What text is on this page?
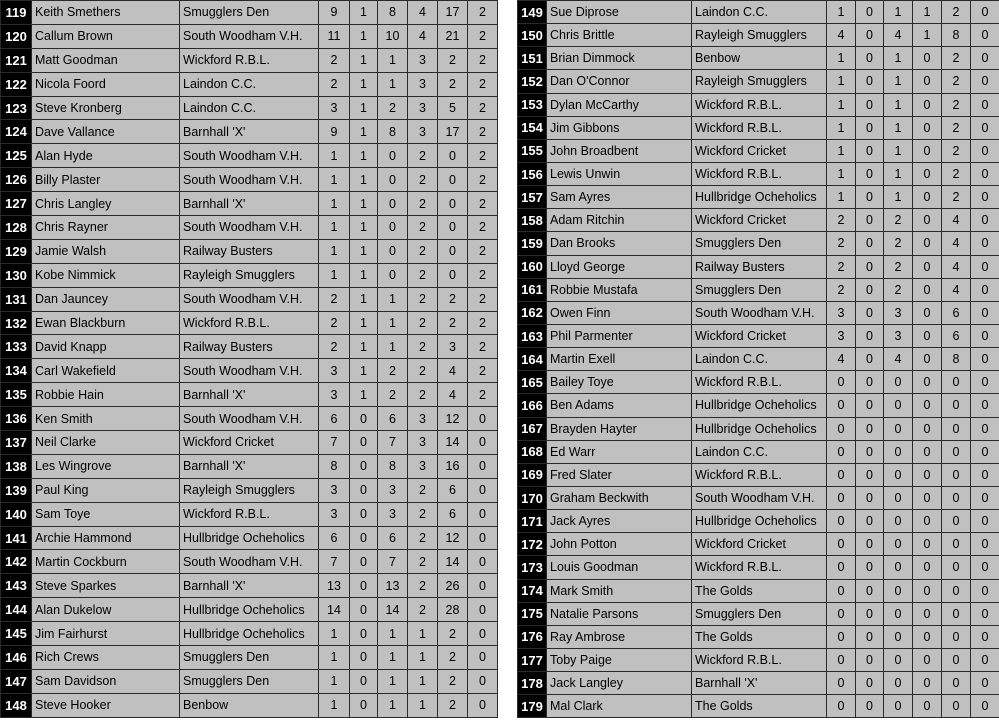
119	Keith Smethers	Smugglers Den	9	1	8	4	17	2
120	Callum Brown	South Woodham V.H.	11	1	10	4	21	2
121	Matt Goodman	Wickford R.B.L.	2	1	1	3	2	2
122	Nicola Foord	Laindon C.C.	2	1	1	3	2	2
123	Steve Kronberg	Laindon C.C.	3	1	2	3	5	2
124	Dave Vallance	Barnhall 'X'	9	1	8	3	17	2
125	Alan Hyde	South Woodham V.H.	1	1	0	2	0	2
126	Billy Plaster	South Woodham V.H.	1	1	0	2	0	2
127	Chris Langley	Barnhall 'X'	1	1	0	2	0	2
128	Chris Rayner	South Woodham V.H.	1	1	0	2	0	2
129	Jamie Walsh	Railway Busters	1	1	0	2	0	2
130	Kobe Nimmick	Rayleigh Smugglers	1	1	0	2	0	2
131	Dan Jauncey	South Woodham V.H.	2	1	1	2	2	2
132	Ewan Blackburn	Wickford R.B.L.	2	1	1	2	2	2
133	David Knapp	Railway Busters	2	1	1	2	3	2
134	Carl Wakefield	South Woodham V.H.	3	1	2	2	4	2
135	Robbie Hain	Barnhall 'X'	3	1	2	2	4	2
136	Ken Smith	South Woodham V.H.	6	0	6	3	12	0
137	Neil Clarke	Wickford Cricket	7	0	7	3	14	0
138	Les Wingrove	Barnhall 'X'	8	0	8	3	16	0
139	Paul King	Rayleigh Smugglers	3	0	3	2	6	0
140	Sam Toye	Wickford R.B.L.	3	0	3	2	6	0
141	Archie Hammond	Hullbridge Ocheholics	6	0	6	2	12	0
142	Martin Cockburn	South Woodham V.H.	7	0	7	2	14	0
143	Steve Sparkes	Barnhall 'X'	13	0	13	2	26	0
144	Alan Dukelow	Hullbridge Ocheholics	14	0	14	2	28	0
145	Jim Fairhurst	Hullbridge Ocheholics	1	0	1	1	2	0
146	Rich Crews	Smugglers Den	1	0	1	1	2	0
147	Sam Davidson	Smugglers Den	1	0	1	1	2	0
148	Steve Hooker	Benbow	1	0	1	1	2	0
149	Sue Diprose	Laindon C.C.	1	0	1	1	2	0
150	Chris Brittle	Rayleigh Smugglers	4	0	4	1	8	0
151	Brian Dimmock	Benbow	1	0	1	0	2	0
152	Dan O'Connor	Rayleigh Smugglers	1	0	1	0	2	0
153	Dylan McCarthy	Wickford R.B.L.	1	0	1	0	2	0
154	Jim Gibbons	Wickford R.B.L.	1	0	1	0	2	0
155	John Broadbent	Wickford Cricket	1	0	1	0	2	0
156	Lewis Unwin	Wickford R.B.L.	1	0	1	0	2	0
157	Sam Ayres	Hullbridge Ocheholics	1	0	1	0	2	0
158	Adam Ritchin	Wickford Cricket	2	0	2	0	4	0
159	Dan Brooks	Smugglers Den	2	0	2	0	4	0
160	Lloyd George	Railway Busters	2	0	2	0	4	0
161	Robbie Mustafa	Smugglers Den	2	0	2	0	4	0
162	Owen Finn	South Woodham V.H.	3	0	3	0	6	0
163	Phil Parmenter	Wickford Cricket	3	0	3	0	6	0
164	Martin Exell	Laindon C.C.	4	0	4	0	8	0
165	Bailey Toye	Wickford R.B.L.	0	0	0	0	0	0
166	Ben Adams	Hullbridge Ocheholics	0	0	0	0	0	0
167	Brayden Hayter	Hullbridge Ocheholics	0	0	0	0	0	0
168	Ed Warr	Laindon C.C.	0	0	0	0	0	0
169	Fred Slater	Wickford R.B.L.	0	0	0	0	0	0
170	Graham Beckwith	South Woodham V.H.	0	0	0	0	0	0
171	Jack Ayres	Hullbridge Ocheholics	0	0	0	0	0	0
172	John Potton	Wickford Cricket	0	0	0	0	0	0
173	Louis Goodman	Wickford R.B.L.	0	0	0	0	0	0
174	Mark Smith	The Golds	0	0	0	0	0	0
175	Natalie Parsons	Smugglers Den	0	0	0	0	0	0
176	Ray Ambrose	The Golds	0	0	0	0	0	0
177	Toby Paige	Wickford R.B.L.	0	0	0	0	0	0
178	Jack Langley	Barnhall 'X'	0	0	0	0	0	0
179	Mal Clark	The Golds	0	0	0	0	0	0
